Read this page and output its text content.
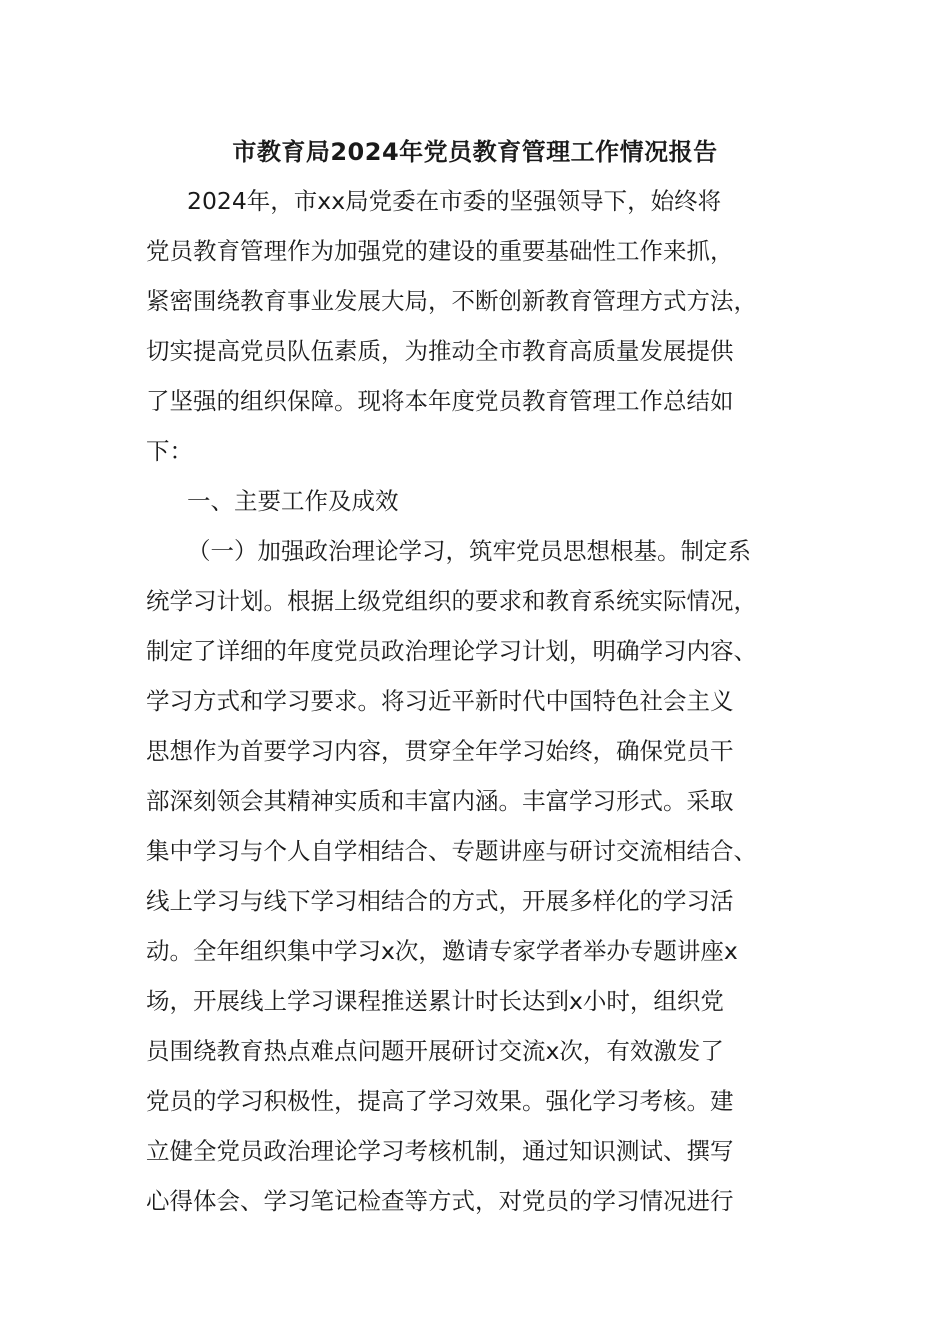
市教育局2024年党员教育管理工作情况报告

2024年，市xx局党委在市委的坚强领导下，始终将

党员教育管理作为加强党的建设的重要基础性工作来抓，

紧密围绕教育事业发展大局，不断创新教育管理方式方法，

切实提高党员队伍素质，为推动全市教育高质量发展提供

了坚强的组织保障。现将本年度党员教育管理工作总结如

下：

一、主要工作及成效

（一）加强政治理论学习，筑牢党员思想根基。制定系

统学习计划。根据上级党组织的要求和教育系统实际情况，

制定了详细的年度党员政治理论学习计划，明确学习内容、

学习方式和学习要求。将习近平新时代中国特色社会主义

思想作为首要学习内容，贯穿全年学习始终，确保党员干

部深刻领会其精神实质和丰富内涵。丰富学习形式。采取

集中学习与个人自学相结合、专题讲座与研讨交流相结合、

线上学习与线下学习相结合的方式，开展多样化的学习活

动。全年组织集中学习x次，邀请专家学者举办专题讲座x

场，开展线上学习课程推送累计时长达到x小时，组织党

员围绕教育热点难点问题开展研讨交流x次，有效激发了

党员的学习积极性，提高了学习效果。强化学习考核。建

立健全党员政治理论学习考核机制，通过知识测试、撰写

心得体会、学习笔记检查等方式，对党员的学习情况进行
